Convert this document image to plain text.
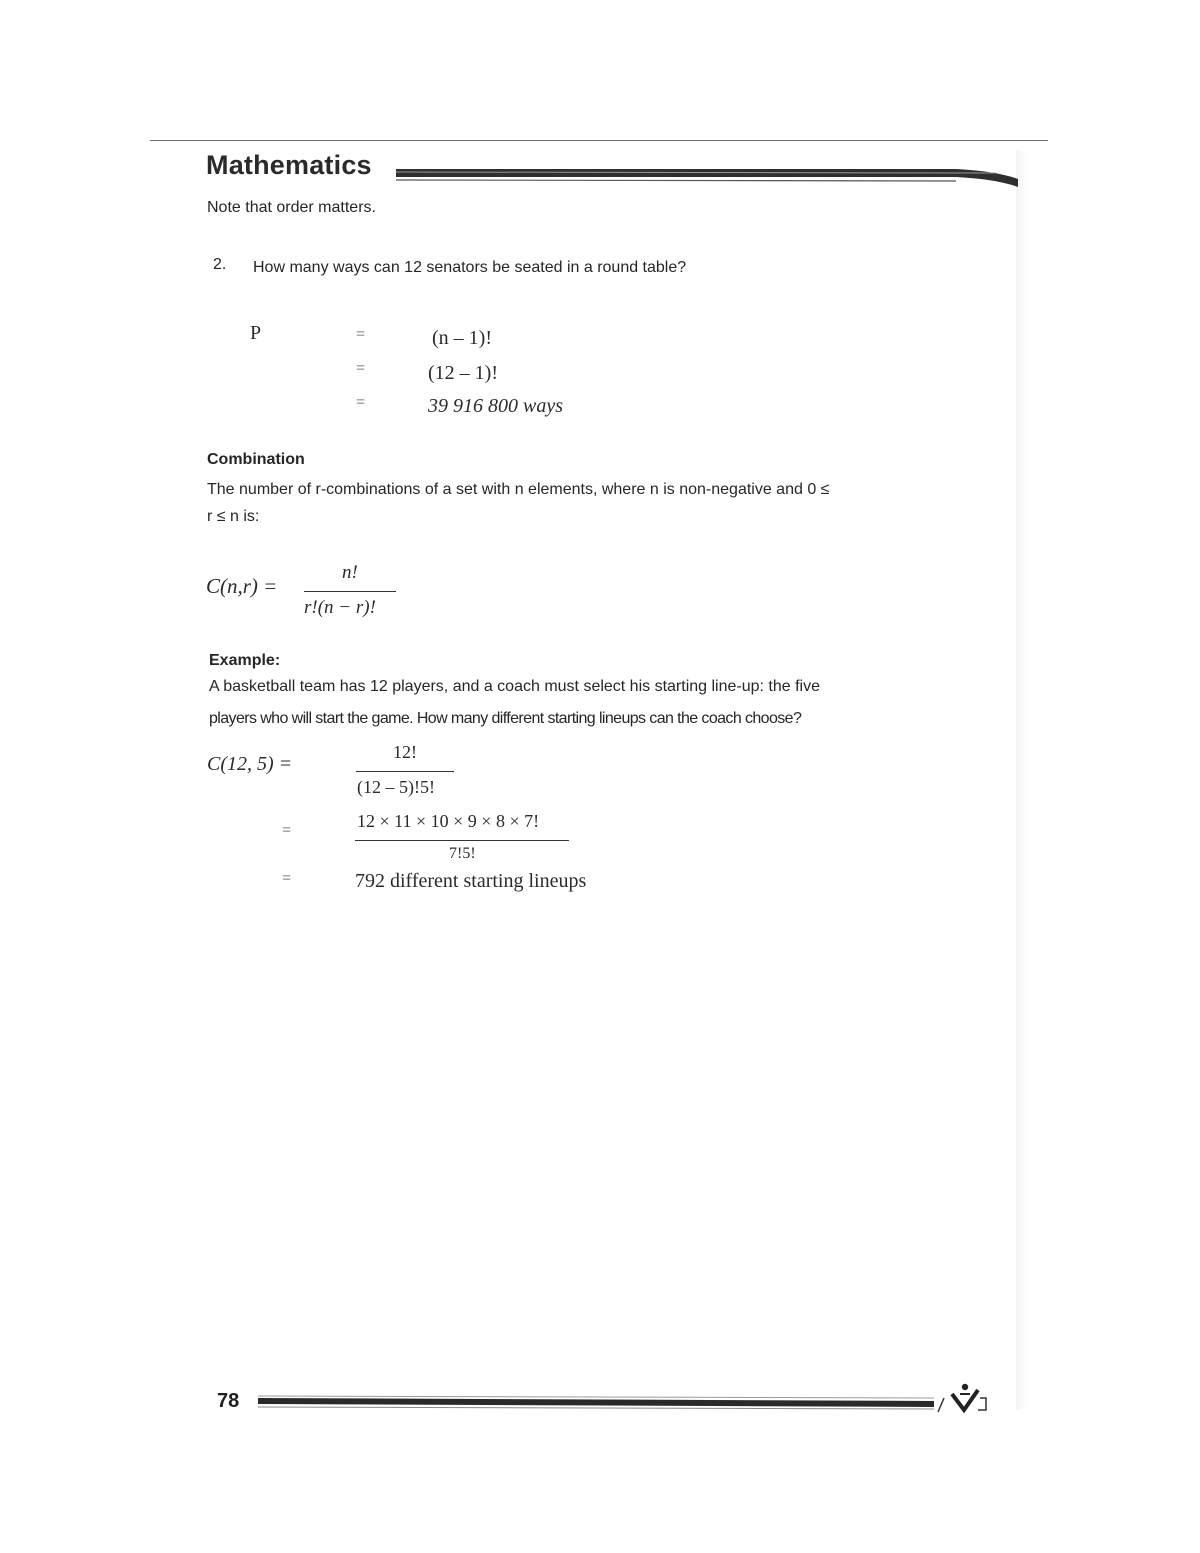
Mathematics
Note that order matters.
2. How many ways can 12 senators be seated in a round table?
P	=	(n – 1)!
=	(12 – 1)!
=	39 916 800 ways
Combination
The number of r-combinations of a set with n elements, where n is non-negative and 0 ≤
r ≤ n is:
C(n,r) =
n!
r!(n − r)!
Example:
A basketball team has 12 players, and a coach must select his starting line-up: the five
players who will start the game. How many different starting lineups can the coach choose?
C(12, 5) =
12!
(12 – 5)!5!
=	12 × 11 × 10 × 9 × 8 × 7!
7!5!
=	792 different starting lineups
78
